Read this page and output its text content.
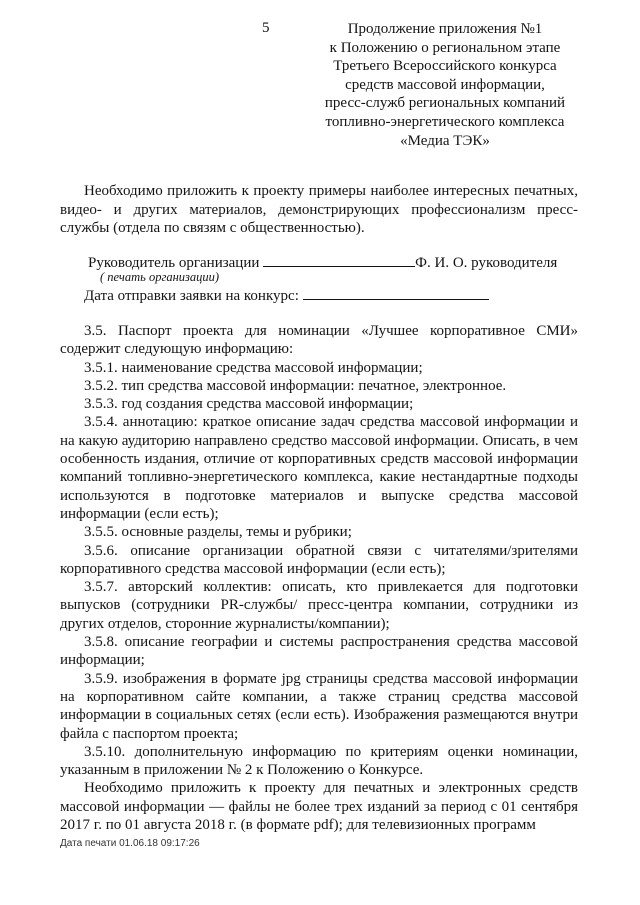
5	Продолжение приложения №1
к Положению о региональном этапе
Третьего Всероссийского конкурса
средств массовой информации,
пресс-служб региональных компаний
топливно-энергетического комплекса
«Медиа ТЭК»

Необходимо приложить к проекту примеры наиболее интересных печатных, видео- и других материалов, демонстрирующих профессионализм пресс-службы (отдела по связям с общественностью).

Руководитель организации	Ф. И. О. руководителя
( печать организации)
Дата отправки заявки на конкурс:

3.5. Паспорт проекта для номинации «Лучшее корпоративное СМИ» содержит следующую информацию:

3.5.1. наименование средства массовой информации;

3.5.2. тип средства массовой информации: печатное, электронное.

3.5.3. год создания средства массовой информации;

3.5.4. аннотацию: краткое описание задач средства массовой информации и на какую аудиторию направлено средство массовой информации. Описать, в чем особенность издания, отличие от корпоративных средств массовой информации компаний топливно-энергетического комплекса, какие нестандартные подходы используются в подготовке материалов и выпуске средства массовой информации (если есть);

3.5.5. основные разделы, темы и рубрики;

3.5.6. описание организации обратной связи с читателями/зрителями корпоративного средства массовой информации (если есть);

3.5.7. авторский коллектив: описать, кто привлекается для подготовки выпусков (сотрудники PR-службы/ пресс-центра компании, сотрудники из других отделов, сторонние журналисты/компании);

3.5.8. описание географии и системы распространения средства массовой информации;

3.5.9. изображения в формате jpg страницы средства массовой информации на корпоративном сайте компании, а также страниц средства массовой информации в социальных сетях (если есть). Изображения размещаются внутри файла с паспортом проекта;

3.5.10. дополнительную информацию по критериям оценки номинации, указанным в приложении № 2 к Положению о Конкурсе.

Необходимо приложить к проекту для печатных и электронных средств массовой информации — файлы не более трех изданий за период с 01 сентября 2017 г. по 01 августа 2018 г. (в формате pdf); для телевизионных программ

Дата печати 01.06.18 09:17:26
